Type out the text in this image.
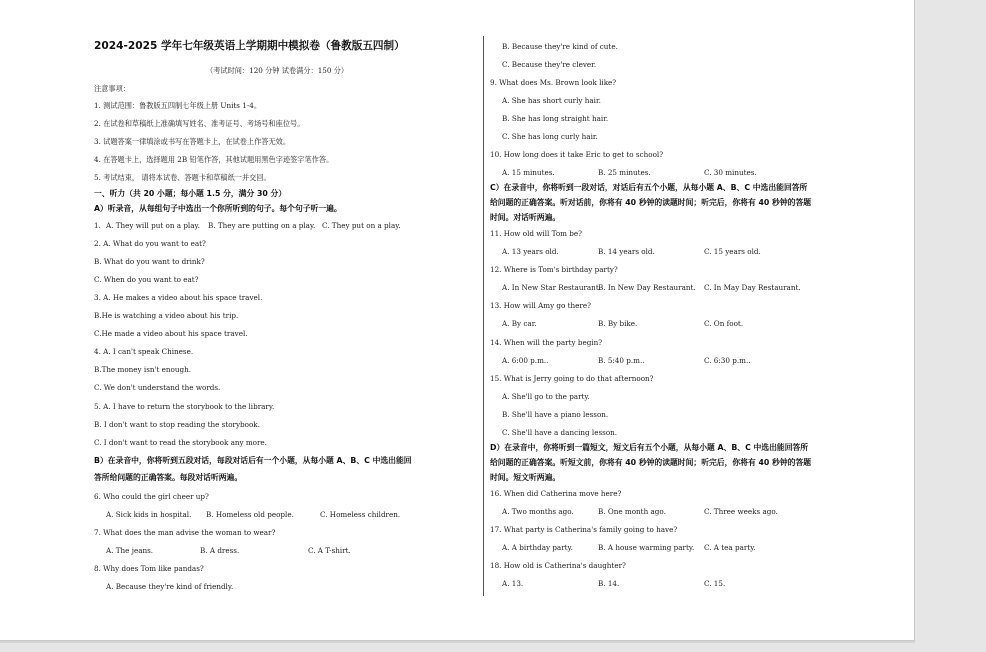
2024-2025 学年七年级英语上学期期中模拟卷（鲁教版五四制）
（考试时间：120 分钟 试卷满分：150 分）
注意事项：
1. 测试范围：鲁教版五四制七年级上册 Units 1-4。
2. 在试卷和草稿纸上准确填写姓名、准考证号、考场号和座位号。
3. 试题答案一律填涂或书写在答题卡上，在试卷上作答无效。
4. 在答题卡上，选择题用 2B 铅笔作答，其他试题用黑色字迹签字笔作答。
5. 考试结束， 请将本试卷、答题卡和草稿纸一并交回。
一、听力（共 20 小题；每小题 1.5 分，满分 30 分）
A）听录音，从每组句子中选出一个你所听到的句子。每个句子听一遍。
1. A. They will put on a play. B. They are putting on a play. C. They put on a play.
2. A. What do you want to eat?
B. What do you want to drink?
C. When do you want to eat?
3. A. He makes a video about his space travel.
B.He is watching a video about his trip.
C.He made a video about his space travel.
4. A. I can't speak Chinese.
B.The money isn't enough.
C. We don't understand the words.
5. A. I have to return the storybook to the library.
B. I don't want to stop reading the storybook.
C. I don't want to read the storybook any more.
B）在录音中，你将听到五段对话，每段对话后有一个小题，从每小题 A、B、C 中选出能回
答所给问题的正确答案。每段对话听两遍。
6. Who could the girl cheer up?
A. Sick kids in hospital. B. Homeless old people.	C. Homeless children.
7. What does the man advise the woman to wear?
A. The jeans.	B. A dress.	C. A T-shirt.
8. Why does Tom like pandas?
A. Because they're kind of friendly.
B. Because they're kind of cute.
C. Because they're clever.
9. What does Ms. Brown look like?
A. She has short curly hair.
B. She has long straight hair.
C. She has long curly hair.
10. How long does it take Eric to get to school?
A. 15 minutes.	B. 25 minutes.	C. 30 minutes.
C）在录音中，你将听到一段对话，对话后有五个小题，从每小题 A、B、C 中选出能回答所
给问题的正确答案。听对话前，你将有 40 秒钟的读题时间；听完后，你将有 40 秒钟的答题
时间。对话听两遍。
11. How old will Tom be?
A. 13 years old.	B. 14 years old.	C. 15 years old.
12. Where is Tom's birthday party?
A. In New Star Restaurant.B. In New Day Restaurant. C. In May Day Restaurant.
13. How will Amy go there?
A. By car.	B. By bike.	C. On foot.
14. When will the party begin?
A. 6:00 p.m..	B. 5:40 p.m..	C. 6:30 p.m..
15. What is Jerry going to do that afternoon?
A. She'll go to the party.
B. She'll have a piano lesson.
C. She'll have a dancing lesson.
D）在录音中，你将听到一篇短文，短文后有五个小题，从每小题 A、B、C 中选出能回答所
给问题的正确答案。听短文前，你将有 40 秒钟的读题时间；听完后，你将有 40 秒钟的答题
时间。短文听两遍。
16. When did Catherina move here?
A. Two months ago.	B. One month ago.	C. Three weeks ago.
17. What party is Catherina's family going to have?
A. A birthday party.	B. A house warming party. C. A tea party.
18. How old is Catherina's daughter?
A. 13.	B. 14.	C. 15.
